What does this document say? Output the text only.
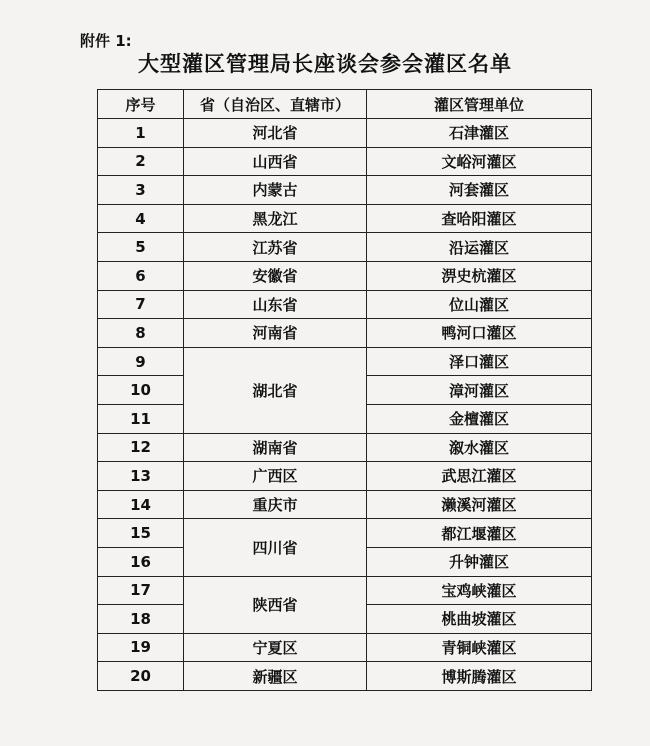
附件 1:
大型灌区管理局长座谈会参会灌区名单
序号	省（自治区、直辖市）	灌区管理单位
1	河北省	石津灌区
2	山西省	文峪河灌区
3	内蒙古	河套灌区
4	黑龙江	查哈阳灌区
5	江苏省	沿运灌区
6	安徽省	淠史杭灌区
7	山东省	位山灌区
8	河南省	鸭河口灌区
9	湖北省	泽口灌区
10		漳河灌区
11		金檀灌区
12	湖南省	溆水灌区
13	广西区	武思江灌区
14	重庆市	濑溪河灌区
15	四川省	都江堰灌区
16		升钟灌区
17	陕西省	宝鸡峡灌区
18		桃曲坡灌区
19	宁夏区	青铜峡灌区
20	新疆区	博斯腾灌区
